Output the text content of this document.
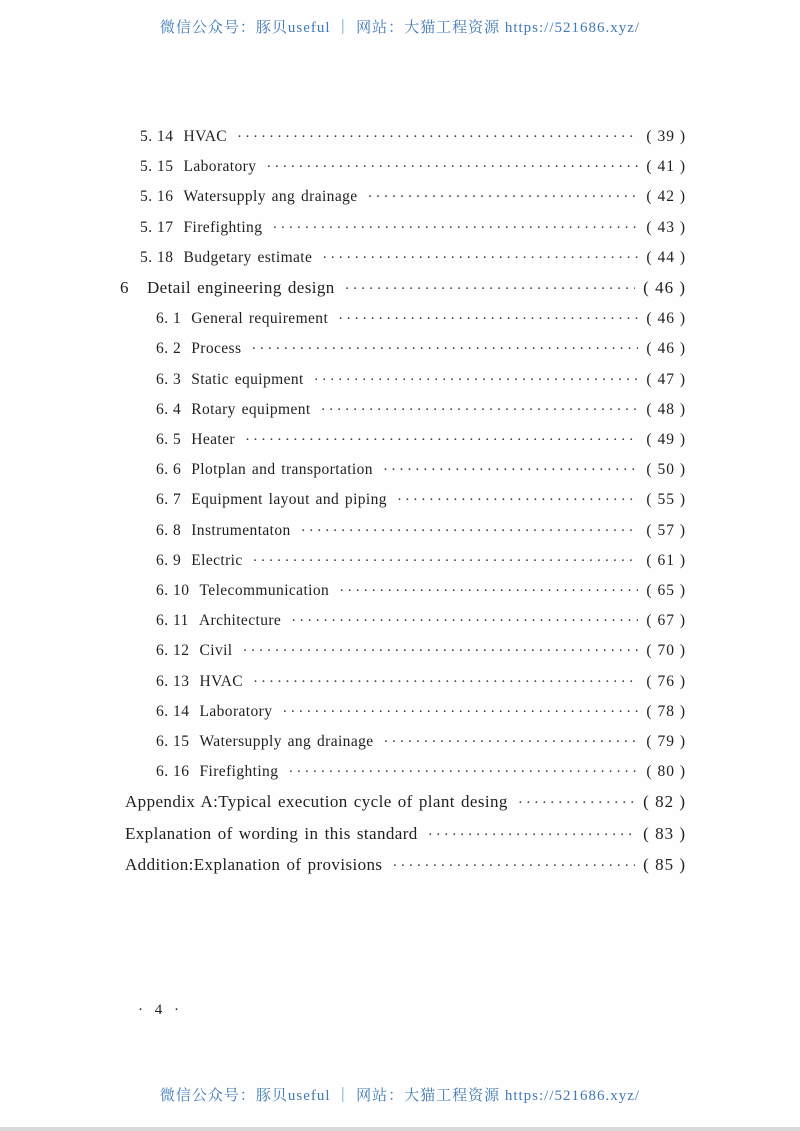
微信公众号：豚贝useful ｜ 网站：大猫工程资源 https://521686.xyz/
5. 14 HVAC ·····	( 39 )
5. 15 Laboratory ·····	( 41 )
5. 16 Watersupply ang drainage ·····	( 42 )
5. 17 Firefighting ·····	( 43 )
5. 18 Budgetary estimate ·····	( 44 )
6 Detail engineering design ·····	( 46 )
6. 1 General requirement ·····	( 46 )
6. 2 Process ·····	( 46 )
6. 3 Static equipment ·····	( 47 )
6. 4 Rotary equipment ·····	( 48 )
6. 5 Heater ·····	( 49 )
6. 6 Plotplan and transportation ·····	( 50 )
6. 7 Equipment layout and piping ·····	( 55 )
6. 8 Instrumentaton ·····	( 57 )
6. 9 Electric ·····	( 61 )
6. 10 Telecommunication ·····	( 65 )
6. 11 Architecture ·····	( 67 )
6. 12 Civil ·····	( 70 )
6. 13 HVAC ·····	( 76 )
6. 14 Laboratory ·····	( 78 )
6. 15 Watersupply ang drainage ·····	( 79 )
6. 16 Firefighting ·····	( 80 )
Appendix A:Typical execution cycle of plant desing ·····	( 82 )
Explanation of wording in this standard ·····	( 83 )
Addition:Explanation of provisions ·····	( 85 )
· 4 ·
微信公众号：豚贝useful ｜ 网站：大猫工程资源 https://521686.xyz/
